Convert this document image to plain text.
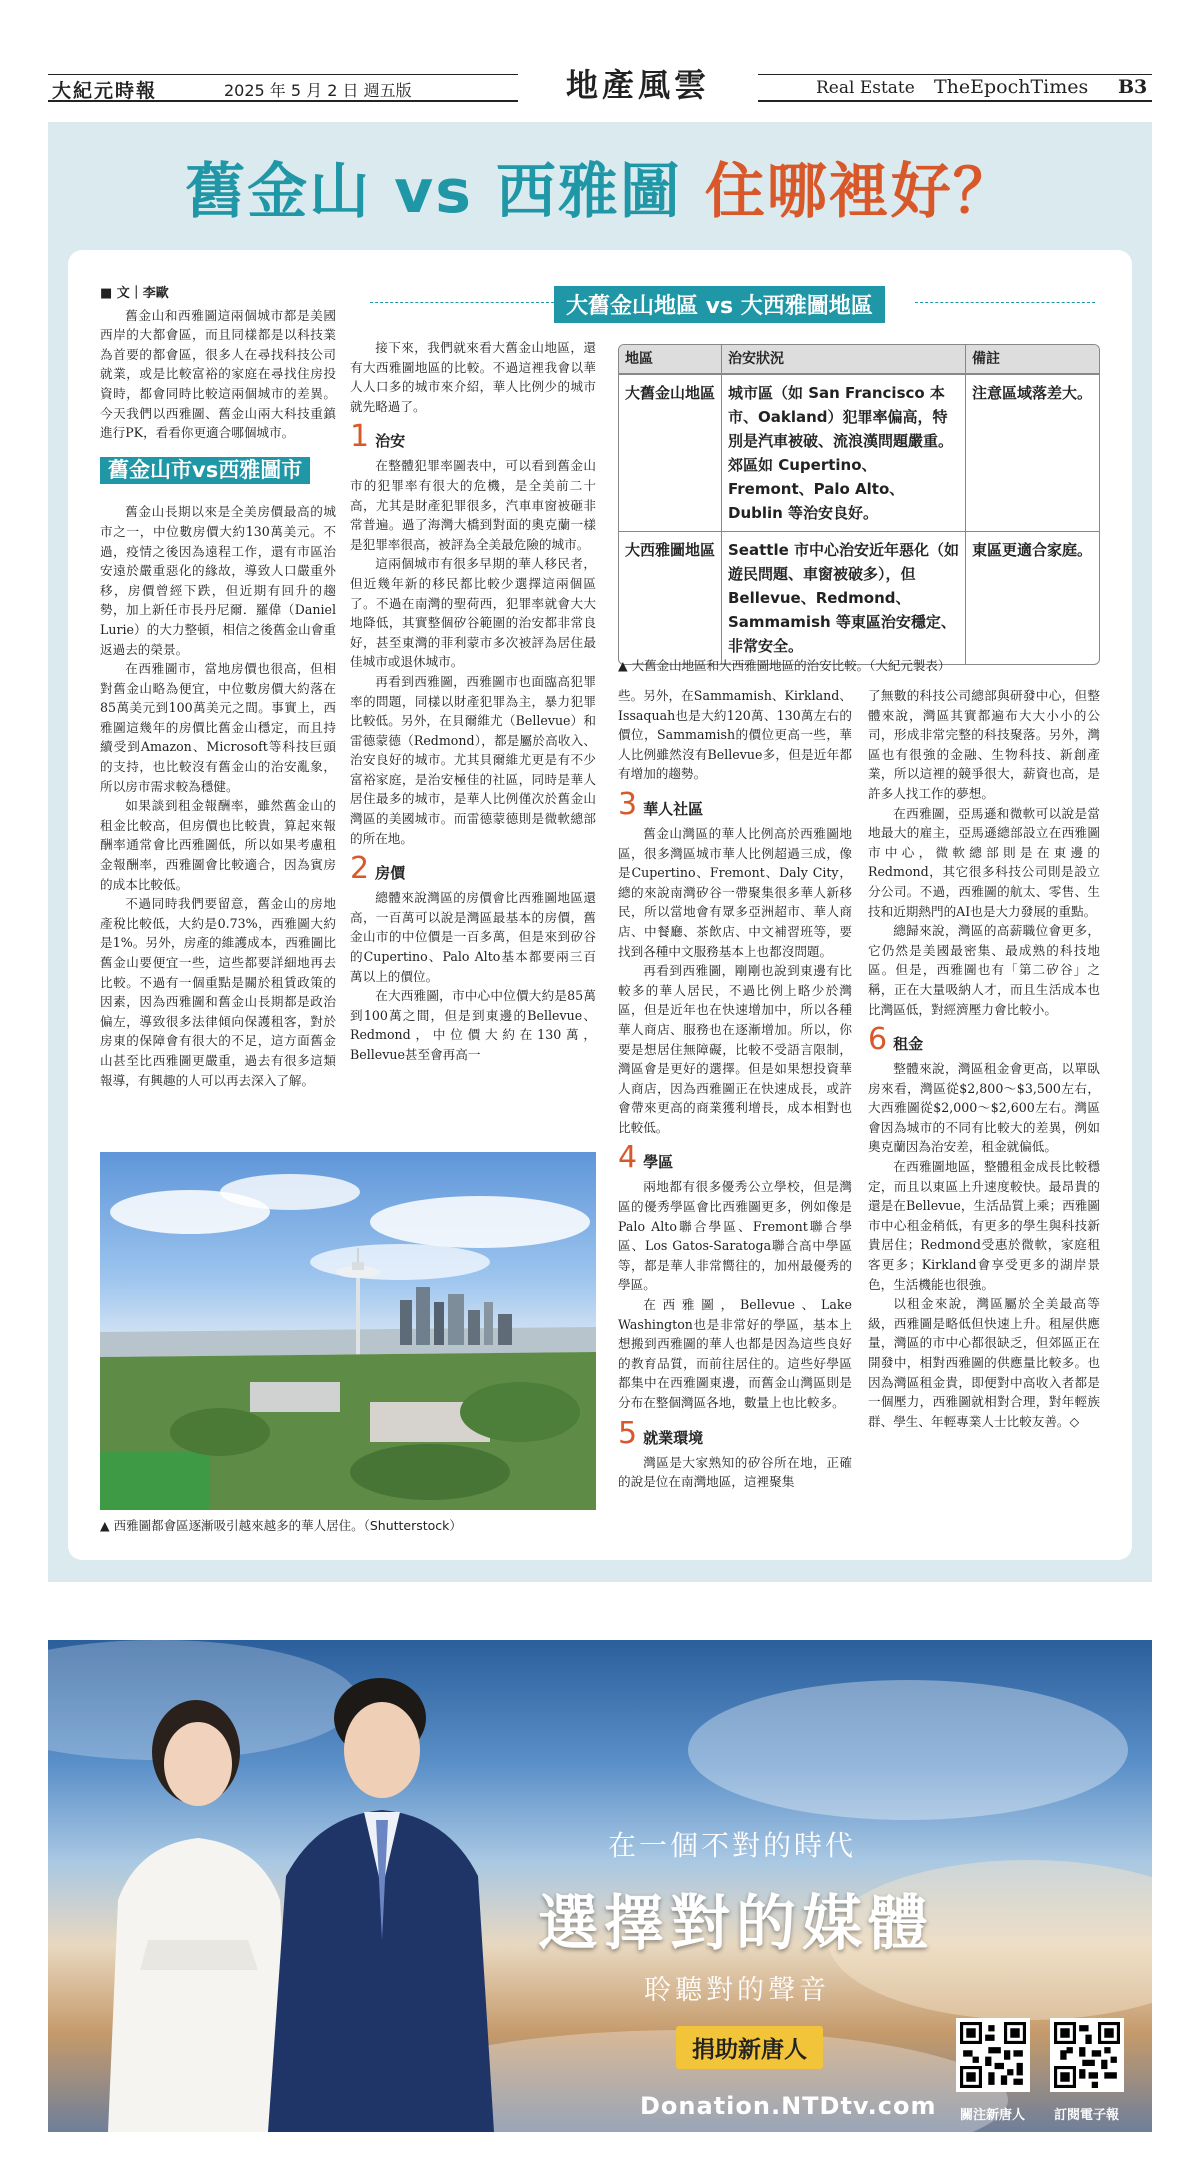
大紀元時報	2025 年 5 月 2 日 週五版	地產風雲	Real Estate TheEpochTimes B3
舊金山 vs 西雅圖 住哪裡好？
■ 文｜李歐

舊金山和西雅圖這兩個城市都是美國西岸的大都會區，而且同樣都是以科技業為首要的都會區，很多人在尋找科技公司就業，或是比較富裕的家庭在尋找住房投資時，都會同時比較這兩個城市的差異。今天我們以西雅圖、舊金山兩大科技重鎮進行PK，看看你更適合哪個城市。

舊金山市vs西雅圖市

舊金山長期以來是全美房價最高的城市之一，中位數房價大約130萬美元。不過，疫情之後因為遠程工作，還有市區治安遠於嚴重惡化的緣故，導致人口嚴重外移，房價曾經下跌，但近期有回升的趨勢，加上新任市長丹尼爾．羅偉（Daniel Lurie）的大力整頓，相信之後舊金山會重返過去的榮景。

在西雅圖市，當地房價也很高，但相對舊金山略為便宜，中位數房價大約落在85萬美元到100萬美元之間。事實上，西雅圖這幾年的房價比舊金山穩定，而且持續受到Amazon、Microsoft等科技巨頭的支持，也比較沒有舊金山的治安亂象，所以房市需求較為穩健。

如果談到租金報酬率，雖然舊金山的租金比較高，但房價也比較貴，算起來報酬率通常會比西雅圖低，所以如果考慮租金報酬率，西雅圖會比較適合，因為賓房的成本比較低。

不過同時我們要留意，舊金山的房地產稅比較低，大約是0.73%，西雅圖大約是1%。另外，房產的維護成本，西雅圖比舊金山要便宜一些，這些都要詳細地再去比較。不過有一個重點是關於租賃政策的因素，因為西雅圖和舊金山長期都是政治偏左，導致很多法律傾向保護租客，對於房東的保障會有很大的不足，這方面舊金山甚至比西雅圖更嚴重，過去有很多這類報導，有興趣的人可以再去深入了解。

大舊金山地區 vs 大西雅圖地區

接下來，我們就來看大舊金山地區，還有大西雅圖地區的比較。不過這裡我會以華人人口多的城市來介紹，華人比例少的城市就先略過了。

1 治安

在整體犯罪率圖表中，可以看到舊金山市的犯罪率有很大的危機，是全美前二十高，尤其是財產犯罪很多，汽車車窗被砸非常普遍。過了海灣大橋到對面的奧克蘭一樣是犯罪率很高，被評為全美最危險的城市。

這兩個城市有很多早期的華人移民者，但近幾年新的移民都比較少選擇這兩個區了。不過在南灣的聖荷西，犯罪率就會大大地降低，其實整個矽谷範圍的治安都非常良好，甚至東灣的菲利蒙市多次被評為居住最佳城市或退休城市。

再看到西雅圖，西雅圖市也面臨高犯罪率的問題，同樣以財產犯罪為主，暴力犯罪比較低。另外，在貝爾維尤（Bellevue）和雷德蒙德（Redmond），都是屬於高收入、治安良好的城市。尤其貝爾維尤更是有不少富裕家庭，是治安極佳的社區，同時是華人居住最多的城市，是華人比例僅次於舊金山灣區的美國城市。而雷德蒙德則是微軟總部的所在地。

2 房價

總體來說灣區的房價會比西雅圖地區還高，一百萬可以說是灣區最基本的房價，舊金山市的中位價是一百多萬，但是來到矽谷的Cupertino、Palo Alto基本都要兩三百萬以上的價位。

在大西雅圖，市中心中位價大約是85萬到100萬之間，但是到東邊的Bellevue、Redmond，中位價大約在130萬，Bellevue甚至會再高一

地區	治安狀況	備註
大舊金山地區	城市區（如 San Francisco 本市、Oakland）犯罪率偏高，特別是汽車被破、流浪漢問題嚴重。郊區如 Cupertino、Fremont、Palo Alto、Dublin 等治安良好。	注意區域落差大。
大西雅圖地區	Seattle 市中心治安近年惡化（如遊民問題、車窗被破多），但 Bellevue、Redmond、Sammamish 等東區治安穩定、非常安全。	東區更適合家庭。
▲ 大舊金山地區和大西雅圖地區的治安比較。（大紀元製表）

些。另外，在Sammamish、Kirkland、Issaquah也是大約120萬、130萬左右的價位，Sammamish的價位更高一些，華人比例雖然沒有Bellevue多，但是近年都有增加的趨勢。

3 華人社區

舊金山灣區的華人比例高於西雅圖地區，很多灣區城市華人比例超過三成，像是Cupertino、Fremont、Daly City，總的來說南灣矽谷一帶聚集很多華人新移民，所以當地會有眾多亞洲超市、華人商店、中餐廳、茶飲店、中文補習班等，要找到各種中文服務基本上也都沒問題。

再看到西雅圖，剛剛也說到東邊有比較多的華人居民，不過比例上略少於灣區，但是近年也在快速增加中，所以各種華人商店、服務也在逐漸增加。所以，你要是想居住無障礙，比較不受語言限制，灣區會是更好的選擇。但是如果想投資華人商店，因為西雅圖正在快速成長，或許會帶來更高的商業獲利增長，成本相對也比較低。

4 學區

兩地都有很多優秀公立學校，但是灣區的優秀學區會比西雅圖更多，例如像是Palo Alto聯合學區、Fremont聯合學區、Los Gatos-Saratoga聯合高中學區等，都是華人非常嚮往的，加州最優秀的學區。

在西雅圖，Bellevue、Lake Washington也是非常好的學區，基本上想搬到西雅圖的華人也都是因為這些良好的教育品質，而前往居住的。這些好學區都集中在西雅圖東邊，而舊金山灣區則是分布在整個灣區各地，數量上也比較多。

5 就業環境

灣區是大家熟知的矽谷所在地，正確的說是位在南灣地區，這裡聚集

了無數的科技公司總部與研發中心，但整體來說，灣區其實都遍布大大小小的公司，形成非常完整的科技聚落。另外，灣區也有很強的金融、生物科技、新創產業，所以這裡的競爭很大，薪資也高，是許多人找工作的夢想。

在西雅圖，亞馬遜和微軟可以說是當地最大的雇主，亞馬遜總部設立在西雅圖市中心，微軟總部則是在東邊的Redmond，其它很多科技公司則是設立分公司。不過，西雅圖的航太、零售、生技和近期熱門的AI也是大力發展的重點。

總歸來說，灣區的高薪職位會更多，它仍然是美國最密集、最成熟的科技地區。但是，西雅圖也有「第二矽谷」之稱，正在大量吸納人才，而且生活成本也比灣區低，對經濟壓力會比較小。

6 租金

整體來說，灣區租金會更高，以單臥房來看，灣區從$2,800～$3,500左右，大西雅圖從$2,000～$2,600左右。灣區會因為城市的不同有比較大的差異，例如奧克蘭因為治安差，租金就偏低。

在西雅圖地區，整體租金成長比較穩定，而且以東區上升速度較快。最昂貴的還是在Bellevue，生活品質上乘；西雅圖市中心租金稍低，有更多的學生與科技新貴居住；Redmond受惠於微軟，家庭租客更多；Kirkland會享受更多的湖岸景色，生活機能也很強。

以租金來說，灣區屬於全美最高等級，西雅圖是略低但快速上升。租屋供應量，灣區的市中心都很缺乏，但郊區正在開發中，相對西雅圖的供應量比較多。也因為灣區租金貴，即便對中高收入者都是一個壓力，西雅圖就相對合理，對年輕族群、學生、年輕專業人士比較友善。◇

▲ 西雅圖都會區逐漸吸引越來越多的華人居住。（Shutterstock）
在一個不對的時代
選擇對的媒體
聆聽對的聲音
捐助新唐人
Donation.NTDtv.com 關注新唐人 訂閱電子報
